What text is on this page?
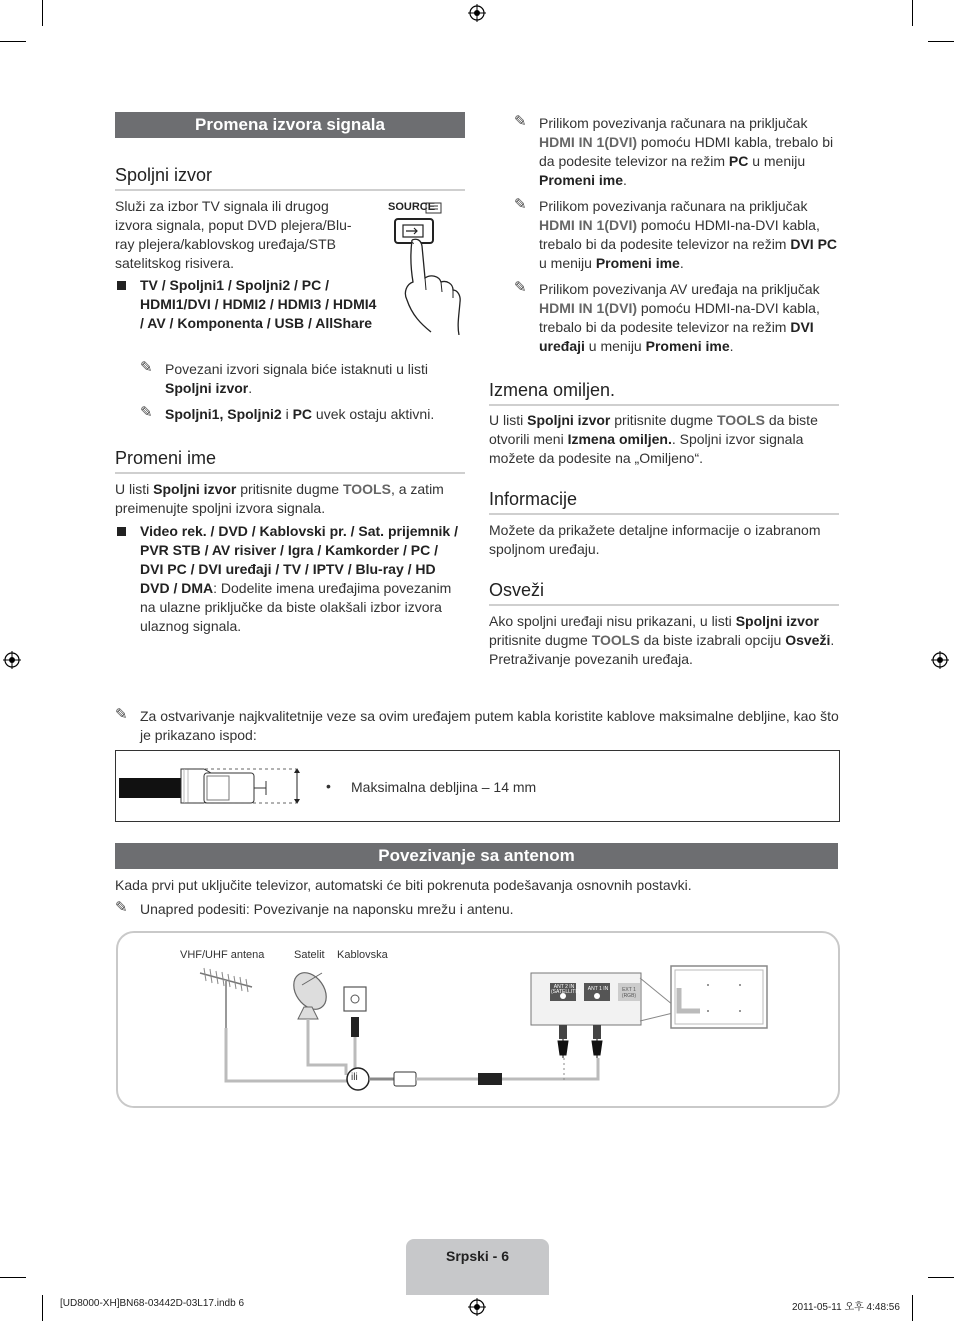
Promena izvora signala
Spoljni izvor
Služi za izbor TV signala ili drugog izvora signala, poput DVD plejera/Blu-ray plejera/kablovskog uređaja/STB satelitskog risivera.
SOURCE
TV / Spoljni1 / Spoljni2 / PC / HDMI1/DVI / HDMI2 / HDMI3 / HDMI4 / AV / Komponenta / USB / AllShare
✎ Povezani izvori signala biće istaknuti u listi Spoljni izvor.
✎ Spoljni1, Spoljni2 i PC uvek ostaju aktivni.
Promeni ime
U listi Spoljni izvor pritisnite dugme TOOLS, a zatim preimenujte spoljni izvora signala.
Video rek. / DVD / Kablovski pr. / Sat. prijemnik / PVR STB / AV risiver / Igra / Kamkorder / PC / DVI PC / DVI uređaji / TV / IPTV / Blu-ray / HD DVD / DMA: Dodelite imena uređajima povezanim na ulazne priključke da biste olakšali izbor izvora ulaznog signala.
✎ Prilikom povezivanja računara na priključak HDMI IN 1(DVI) pomoću HDMI kabla, trebalo bi da podesite televizor na režim PC u meniju Promeni ime.
✎ Prilikom povezivanja računara na priključak HDMI IN 1(DVI) pomoću HDMI-na-DVI kabla, trebalo bi da podesite televizor na režim DVI PC u meniju Promeni ime.
✎ Prilikom povezivanja AV uređaja na priključak HDMI IN 1(DVI) pomoću HDMI-na-DVI kabla, trebalo bi da podesite televizor na režim DVI uređaji u meniju Promeni ime.
Izmena omiljen.
U listi Spoljni izvor pritisnite dugme TOOLS da biste otvorili meni Izmena omiljen.. Spoljni izvor signala možete da podesite na „Omiljeno“.
Informacije
Možete da prikažete detaljne informacije o izabranom spoljnom uređaju.
Osveži
Ako spoljni uređaji nisu prikazani, u listi Spoljni izvor pritisnite dugme TOOLS da biste izabrali opciju Osveži. Pretraživanje povezanih uređaja.
✎ Za ostvarivanje najkvalitetnije veze sa ovim uređajem putem kabla koristite kablove maksimalne debljine, kao što je prikazano ispod:
• Maksimalna debljina – 14 mm
Povezivanje sa antenom
Kada prvi put uključite televizor, automatski će biti pokrenuta podešavanja osnovnih postavki.
✎ Unapred podesiti: Povezivanje na naponsku mrežu i antenu.
VHF/UHF antena	Satelit Kablovska
ili
ANT 2 IN
(SATELLITE)	ANT 1 IN	EXT 1 (RGB)
Srpski - 6
[UD8000-XH]BN68-03442D-03L17.indb 6	2011-05-11 오후 4:48:56
